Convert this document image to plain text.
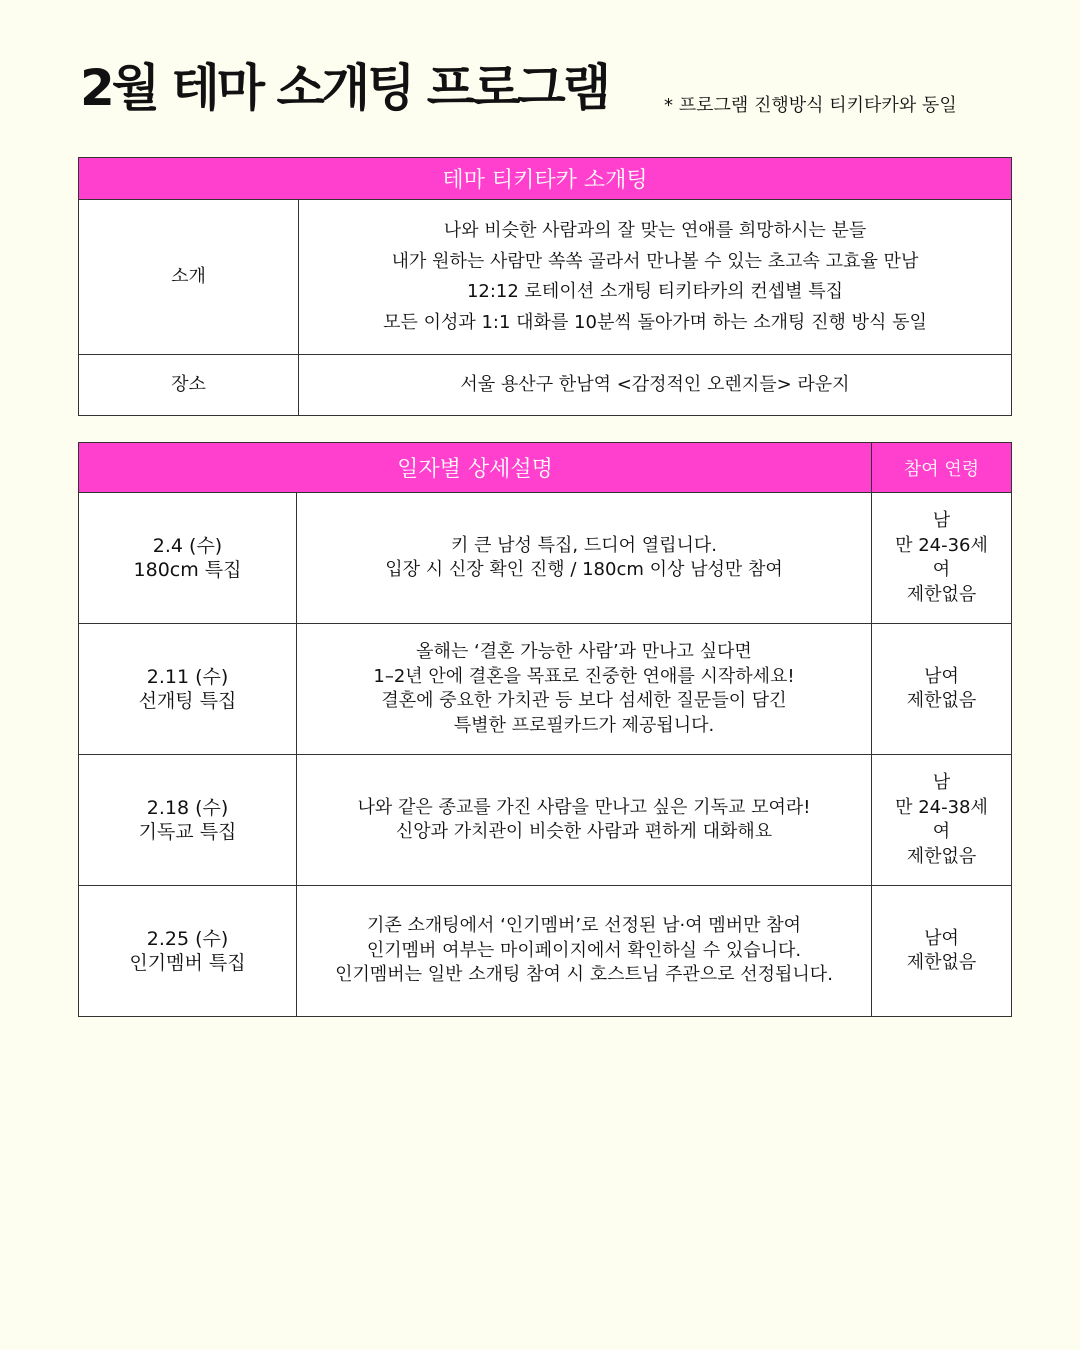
2월 테마 소개팅 프로그램	* 프로그램 진행방식 티키타카와 동일
테마 티키타카 소개팅	
소개	나와 비슷한 사람과의 잘 맞는 연애를 희망하시는 분들
내가 원하는 사람만 쏙쏙 골라서 만나볼 수 있는 초고속 고효율 만남
12:12 로테이션 소개팅 티키타카의 컨셉별 특집
모든 이성과 1:1 대화를 10분씩 돌아가며 하는 소개팅 진행 방식 동일

장소	서울 용산구 한남역 <감정적인 오렌지들> 라운지
일자별 상세설명		참여 연령

2.4 (수)
180cm 특집	키 큰 남성 특집, 드디어 열립니다.
입장 시 신장 확인 진행 / 180cm 이상 남성만 참여	남
만 24-36세
여
제한없음

2.11 (수)
선개팅 특집	올해는 ‘결혼 가능한 사람’과 만나고 싶다면
1–2년 안에 결혼을 목표로 진중한 연애를 시작하세요!
결혼에 중요한 가치관 등 보다 섬세한 질문들이 담긴
특별한 프로필카드가 제공됩니다.	남여
제한없음

2.18 (수)
기독교 특집	나와 같은 종교를 가진 사람을 만나고 싶은 기독교 모여라!
신앙과 가치관이 비슷한 사람과 편하게 대화해요	남
만 24-38세
여
제한없음

2.25 (수)
인기멤버 특집	기존 소개팅에서 ‘인기멤버’로 선정된 남·여 멤버만 참여
인기멤버 여부는 마이페이지에서 확인하실 수 있습니다.
인기멤버는 일반 소개팅 참여 시 호스트님 주관으로 선정됩니다.	남여
제한없음
